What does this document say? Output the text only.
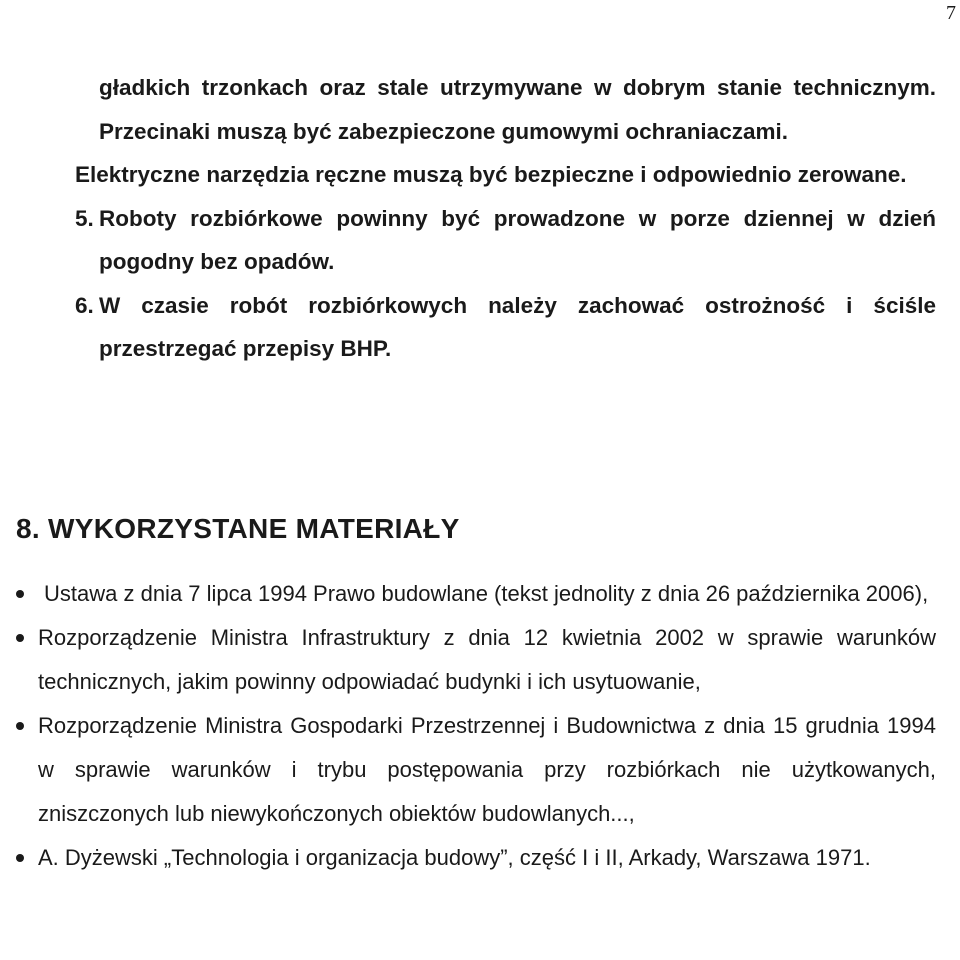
7
gładkich trzonkach oraz stale utrzymywane w dobrym stanie technicznym. Przecinaki muszą być zabezpieczone gumowymi ochraniaczami.
Elektryczne narzędzia ręczne muszą być bezpieczne i odpowiednio zerowane.
5. Roboty rozbiórkowe powinny być prowadzone w porze dziennej w dzień pogodny bez opadów.
6. W czasie robót rozbiórkowych należy zachować ostrożność i ściśle przestrzegać przepisy BHP.
8. WYKORZYSTANE MATERIAŁY
Ustawa z dnia 7 lipca 1994 Prawo budowlane (tekst jednolity z dnia 26 października 2006),
Rozporządzenie Ministra Infrastruktury z dnia 12 kwietnia 2002 w sprawie warunków technicznych, jakim powinny odpowiadać budynki i ich usytuowanie,
Rozporządzenie Ministra Gospodarki Przestrzennej i Budownictwa z dnia 15 grudnia 1994 w sprawie warunków i trybu postępowania przy rozbiórkach nie użytkowanych, zniszczonych lub niewykończonych obiektów budowlanych...,
A. Dyżewski „Technologia i organizacja budowy”, część I i II, Arkady, Warszawa 1971.
